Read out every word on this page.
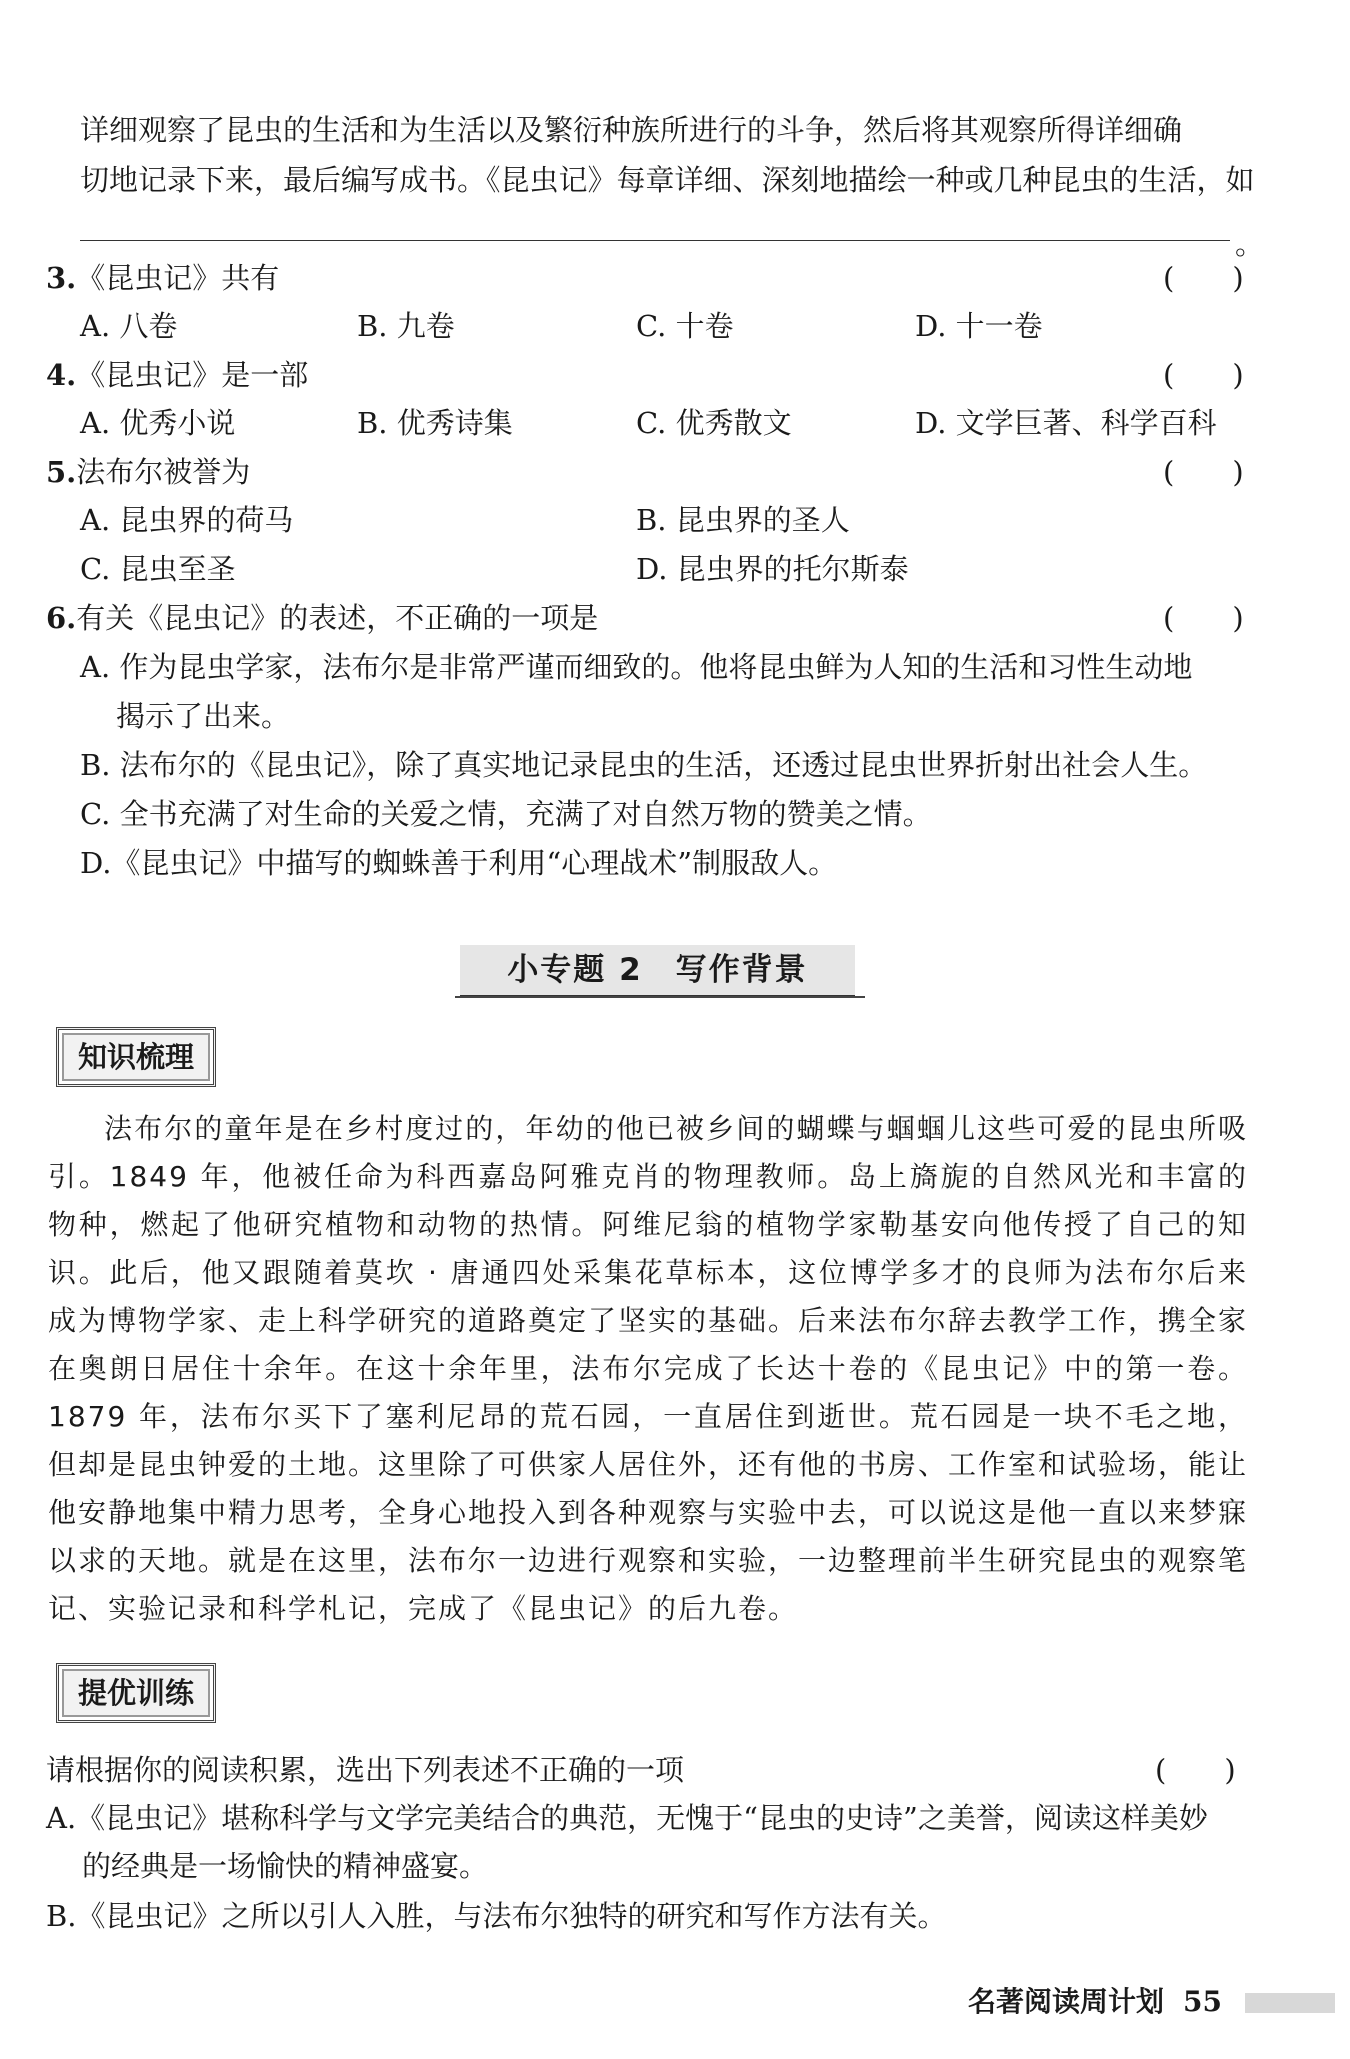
详细观察了昆虫的生活和为生活以及繁衍种族所进行的斗争，然后将其观察所得详细确
切地记录下来，最后编写成书。《昆虫记》每章详细、深刻地描绘一种或几种昆虫的生活，如
。
3.《昆虫记》共有	(　　)
A. 八卷	B. 九卷	C. 十卷	D. 十一卷
4.《昆虫记》是一部	(　　)
A. 优秀小说	B. 优秀诗集	C. 优秀散文	D. 文学巨著、科学百科
5.法布尔被誉为	(　　)
A. 昆虫界的荷马	B. 昆虫界的圣人
C. 昆虫至圣	D. 昆虫界的托尔斯泰
6.有关《昆虫记》的表述，不正确的一项是	(　　)
A. 作为昆虫学家，法布尔是非常严谨而细致的。他将昆虫鲜为人知的生活和习性生动地
揭示了出来。
B. 法布尔的《昆虫记》，除了真实地记录昆虫的生活，还透过昆虫世界折射出社会人生。
C. 全书充满了对生命的关爱之情，充满了对自然万物的赞美之情。
D.《昆虫记》中描写的蜘蛛善于利用“心理战术”制服敌人。
小专题 2　写作背景
知识梳理
法布尔的童年是在乡村度过的，年幼的他已被乡间的蝴蝶与蝈蝈儿这些可爱的昆虫所吸引。1849 年，他被任命为科西嘉岛阿雅克肖的物理教师。岛上旖旎的自然风光和丰富的物种，燃起了他研究植物和动物的热情。阿维尼翁的植物学家勒基安向他传授了自己的知识。此后，他又跟随着莫坎 · 唐通四处采集花草标本，这位博学多才的良师为法布尔后来成为博物学家、走上科学研究的道路奠定了坚实的基础。后来法布尔辞去教学工作，携全家在奥朗日居住十余年。在这十余年里，法布尔完成了长达十卷的《昆虫记》中的第一卷。1879 年，法布尔买下了塞利尼昂的荒石园，一直居住到逝世。荒石园是一块不毛之地，但却是昆虫钟爱的土地。这里除了可供家人居住外，还有他的书房、工作室和试验场，能让他安静地集中精力思考，全身心地投入到各种观察与实验中去，可以说这是他一直以来梦寐以求的天地。就是在这里，法布尔一边进行观察和实验，一边整理前半生研究昆虫的观察笔记、实验记录和科学札记，完成了《昆虫记》的后九卷。
提优训练
请根据你的阅读积累，选出下列表述不正确的一项	(　　)
A.《昆虫记》堪称科学与文学完美结合的典范，无愧于“昆虫的史诗”之美誉，阅读这样美妙
的经典是一场愉快的精神盛宴。
B.《昆虫记》之所以引人入胜，与法布尔独特的研究和写作方法有关。
名著阅读周计划 55
